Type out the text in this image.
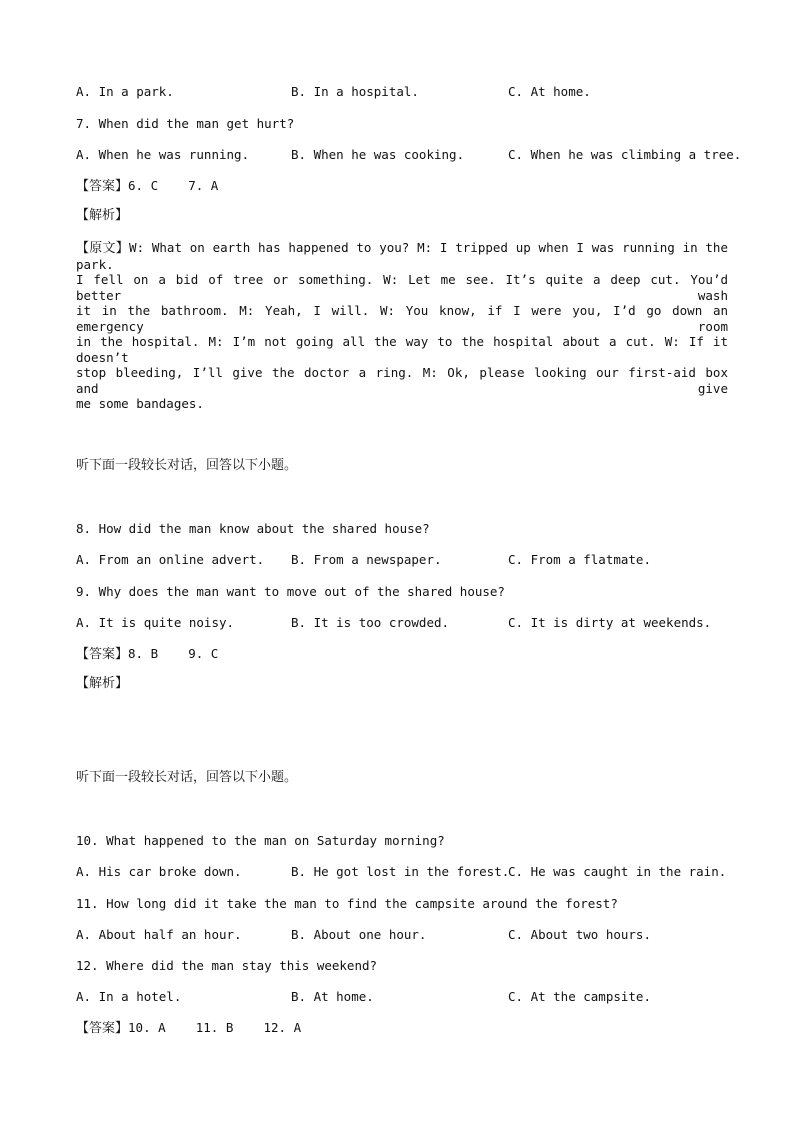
A. In a park.	B. In a hospital.	C. At home.
7. When did the man get hurt?
A. When he was running.	B. When he was cooking.	C. When he was climbing a tree.
【答案】6. C    7. A
【解析】
【原文】W: What on earth has happened to you? M: I tripped up when I was running in the park.
I fell on a bid of tree or something. W: Let me see. It’s quite a deep cut. You’d better wash
it in the bathroom. M: Yeah, I will. W: You know, if I were you, I’d go down an emergency room
in the hospital. M: I’m not going all the way to the hospital about a cut. W: If it doesn’t
stop bleeding, I’ll give the doctor a ring. M: Ok, please looking our first-aid box and give
me some bandages.
听下面一段较长对话，回答以下小题。
8. How did the man know about the shared house?
A. From an online advert. B. From a newspaper.	C. From a flatmate.
9. Why does the man want to move out of the shared house?
A. It is quite noisy.	B. It is too crowded.	C. It is dirty at weekends.
【答案】8. B    9. C
【解析】
听下面一段较长对话，回答以下小题。
10. What happened to the man on Saturday morning?
A. His car broke down.	B. He got lost in the forest.
C. He was caught in the rain.
11. How long did it take the man to find the campsite around the forest?
A. About half an hour.	B. About one hour.	C. About two hours.
12. Where did the man stay this weekend?
A. In a hotel.	B. At home.	C. At the campsite.
【答案】10. A    11. B    12. A
